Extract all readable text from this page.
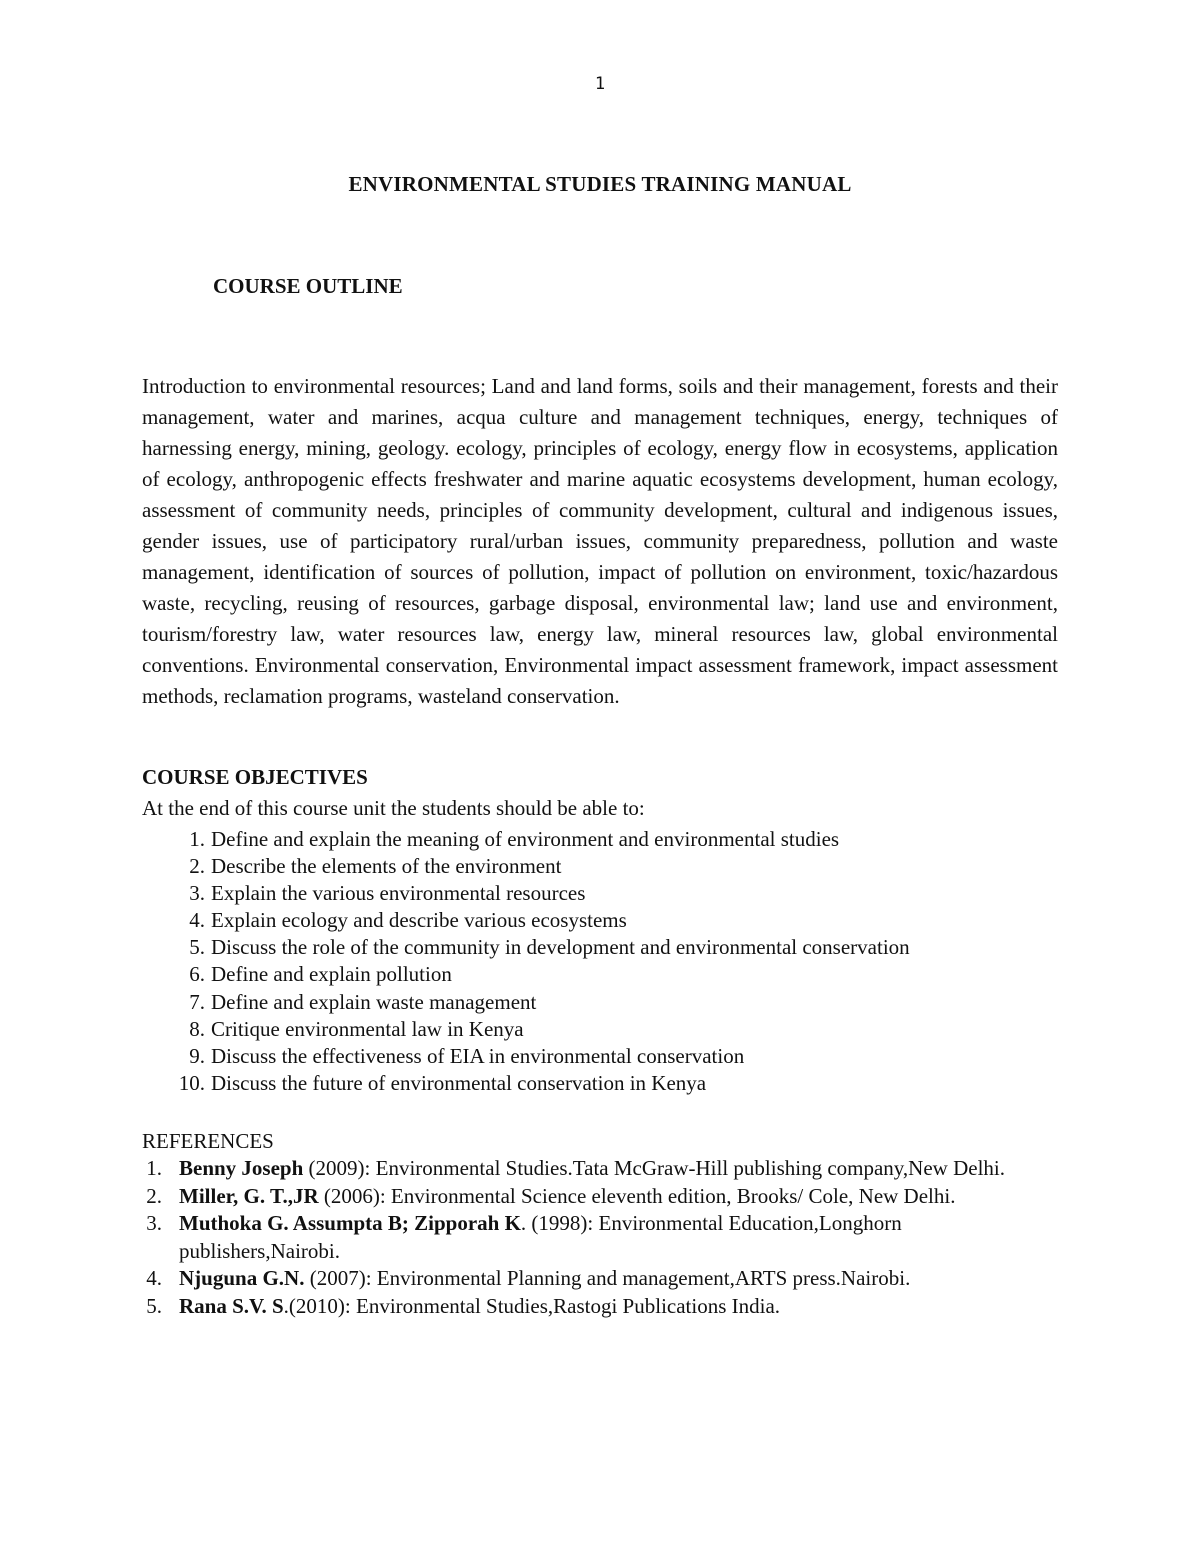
1
ENVIRONMENTAL STUDIES TRAINING MANUAL
COURSE OUTLINE

Introduction to environmental resources; Land and land forms, soils and their management, forests and their management, water and marines, acqua culture and management techniques, energy, techniques of harnessing energy, mining, geology. ecology, principles of ecology, energy flow in ecosystems, application of ecology, anthropogenic effects freshwater and marine aquatic ecosystems development, human ecology, assessment of community needs, principles of community development, cultural and indigenous issues, gender issues, use of participatory rural/urban issues, community preparedness, pollution and waste management, identification of sources of pollution, impact of pollution on environment, toxic/hazardous waste, recycling, reusing of resources, garbage disposal, environmental law; land use and environment, tourism/forestry law, water resources law, energy law, mineral resources law, global environmental conventions. Environmental conservation, Environmental impact assessment framework, impact assessment methods, reclamation programs, wasteland conservation.

COURSE OBJECTIVES
At the end of this course unit the students should be able to:
1. Define and explain the meaning of environment and environmental studies
2. Describe the elements of the environment
3. Explain the various environmental resources
4. Explain ecology and describe various ecosystems
5. Discuss the role of the community in development and environmental conservation
6. Define and explain pollution
7. Define and explain waste management
8. Critique environmental law in Kenya
9. Discuss the effectiveness of EIA in environmental conservation
10. Discuss the future of environmental conservation in Kenya
REFERENCES
1. Benny Joseph (2009): Environmental Studies.Tata McGraw-Hill publishing company,New Delhi.
2. Miller, G. T.,JR (2006): Environmental Science eleventh edition, Brooks/ Cole, New Delhi.
3. Muthoka G. Assumpta B; Zipporah K. (1998): Environmental Education,Longhorn publishers,Nairobi.
4. Njuguna G.N. (2007): Environmental Planning and management,ARTS press.Nairobi.
5. Rana S.V. S.(2010): Environmental Studies,Rastogi Publications India.
